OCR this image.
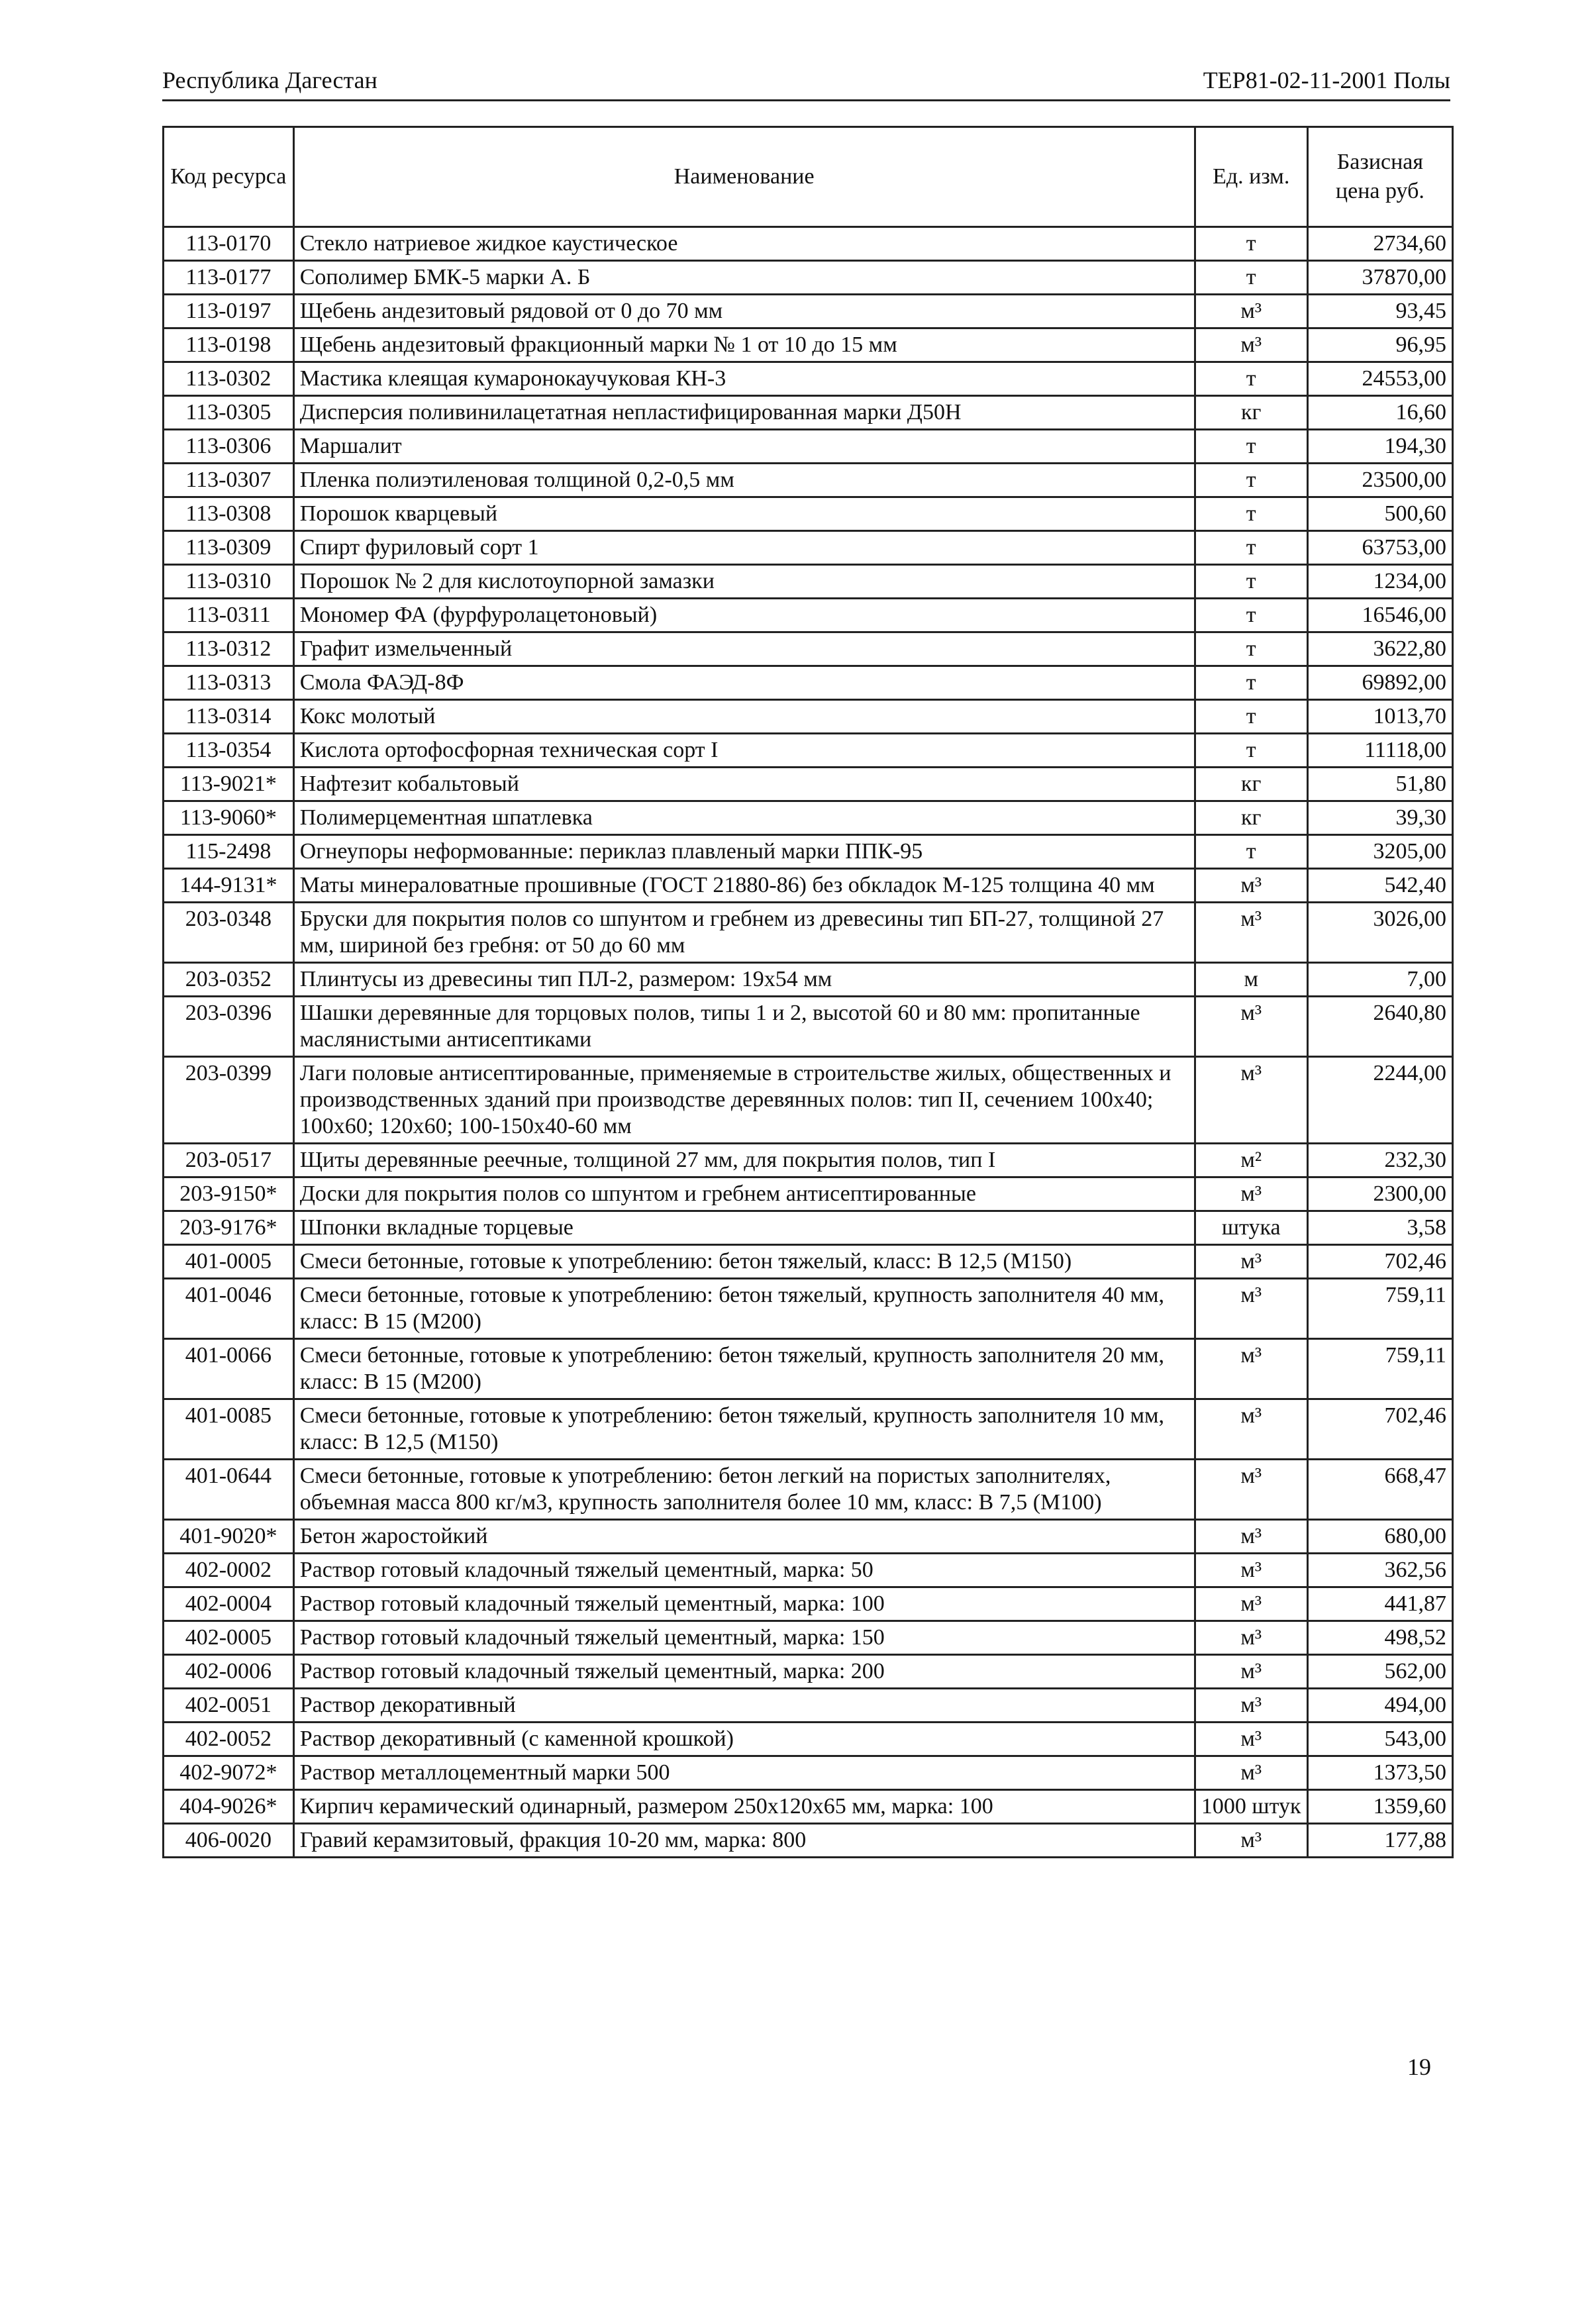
Республика Дагестан	ТЕР81-02-11-2001 Полы
Код ресурса	Наименование	Ед. изм.	Базисная цена руб.
113-0170	Стекло натриевое жидкое каустическое	т	2734,60
113-0177	Сополимер БМК-5 марки А. Б	т	37870,00
113-0197	Щебень андезитовый рядовой от 0 до 70 мм	м³	93,45
113-0198	Щебень андезитовый фракционный марки № 1 от 10 до 15 мм	м³	96,95
113-0302	Мастика клеящая кумаронокаучуковая КН-3	т	24553,00
113-0305	Дисперсия поливинилацетатная непластифицированная марки Д50Н	кг	16,60
113-0306	Маршалит	т	194,30
113-0307	Пленка полиэтиленовая толщиной 0,2-0,5 мм	т	23500,00
113-0308	Порошок кварцевый	т	500,60
113-0309	Спирт фуриловый сорт 1	т	63753,00
113-0310	Порошок № 2 для кислотоупорной замазки	т	1234,00
113-0311	Мономер ФА (фурфуролацетоновый)	т	16546,00
113-0312	Графит измельченный	т	3622,80
113-0313	Смола ФАЭД-8Ф	т	69892,00
113-0314	Кокс молотый	т	1013,70
113-0354	Кислота ортофосфорная техническая сорт I	т	11118,00
113-9021*	Нафтезит кобальтовый	кг	51,80
113-9060*	Полимерцементная шпатлевка	кг	39,30
115-2498	Огнеупоры неформованные: периклаз плавленый марки ППК-95	т	3205,00
144-9131*	Маты минераловатные прошивные (ГОСТ 21880-86) без обкладок М-125 толщина 40 мм	м³	542,40
203-0348	Бруски для покрытия полов со шпунтом и гребнем из древесины тип БП-27, толщиной 27 мм, шириной без гребня: от 50 до 60 мм	м³	3026,00
203-0352	Плинтусы из древесины тип ПЛ-2, размером: 19х54 мм	м	7,00
203-0396	Шашки деревянные для торцовых полов, типы 1 и 2, высотой 60 и 80 мм: пропитанные маслянистыми антисептиками	м³	2640,80
203-0399	Лаги половые антисептированные, применяемые в строительстве жилых, общественных и производственных зданий при производстве деревянных полов: тип II, сечением 100х40; 100х60; 120х60; 100-150х40-60 мм	м³	2244,00
203-0517	Щиты деревянные реечные, толщиной 27 мм, для покрытия полов, тип I	м²	232,30
203-9150*	Доски для покрытия полов со шпунтом и гребнем антисептированные	м³	2300,00
203-9176*	Шпонки вкладные торцевые	штука	3,58
401-0005	Смеси бетонные, готовые к употреблению: бетон тяжелый, класс: В 12,5 (М150)	м³	702,46
401-0046	Смеси бетонные, готовые к употреблению: бетон тяжелый, крупность заполнителя 40 мм, класс: В 15 (М200)	м³	759,11
401-0066	Смеси бетонные, готовые к употреблению: бетон тяжелый, крупность заполнителя 20 мм, класс: В 15 (М200)	м³	759,11
401-0085	Смеси бетонные, готовые к употреблению: бетон тяжелый, крупность заполнителя 10 мм, класс: В 12,5 (М150)	м³	702,46
401-0644	Смеси бетонные, готовые к употреблению: бетон легкий на пористых заполнителях, объемная масса 800 кг/м3, крупность заполнителя более 10 мм, класс: В 7,5 (М100)	м³	668,47
401-9020*	Бетон жаростойкий	м³	680,00
402-0002	Раствор готовый кладочный тяжелый цементный, марка: 50	м³	362,56
402-0004	Раствор готовый кладочный тяжелый цементный, марка: 100	м³	441,87
402-0005	Раствор готовый кладочный тяжелый цементный, марка: 150	м³	498,52
402-0006	Раствор готовый кладочный тяжелый цементный, марка: 200	м³	562,00
402-0051	Раствор декоративный	м³	494,00
402-0052	Раствор декоративный (с каменной крошкой)	м³	543,00
402-9072*	Раствор металлоцементный марки 500	м³	1373,50
404-9026*	Кирпич керамический одинарный, размером 250х120х65 мм, марка: 100	1000 штук	1359,60
406-0020	Гравий керамзитовый, фракция 10-20 мм, марка: 800	м³	177,88
19
